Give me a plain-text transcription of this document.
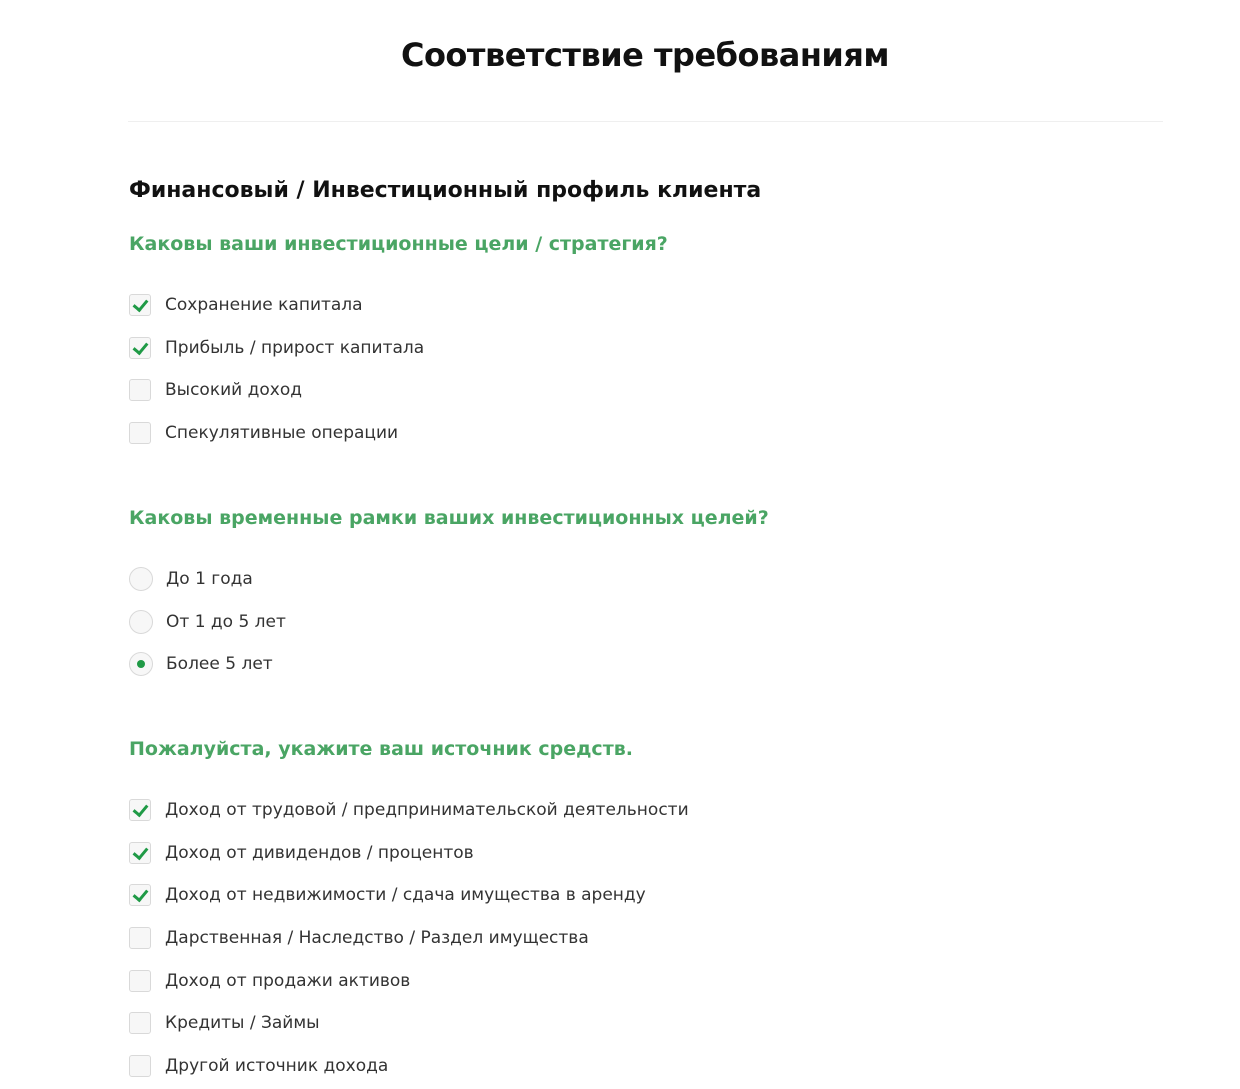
Соответствие требованиям
Финансовый / Инвестиционный профиль клиента
Каковы ваши инвестиционные цели / стратегия?
Сохранение капитала
Прибыль / прирост капитала
Высокий доход
Спекулятивные операции
Каковы временные рамки ваших инвестиционных целей?
До 1 года
От 1 до 5 лет
Более 5 лет
Пожалуйста, укажите ваш источник средств.
Доход от трудовой / предпринимательской деятельности
Доход от дивидендов / процентов
Доход от недвижимости / сдача имущества в аренду
Дарственная / Наследство / Раздел имущества
Доход от продажи активов
Кредиты / Займы
Другой источник дохода
